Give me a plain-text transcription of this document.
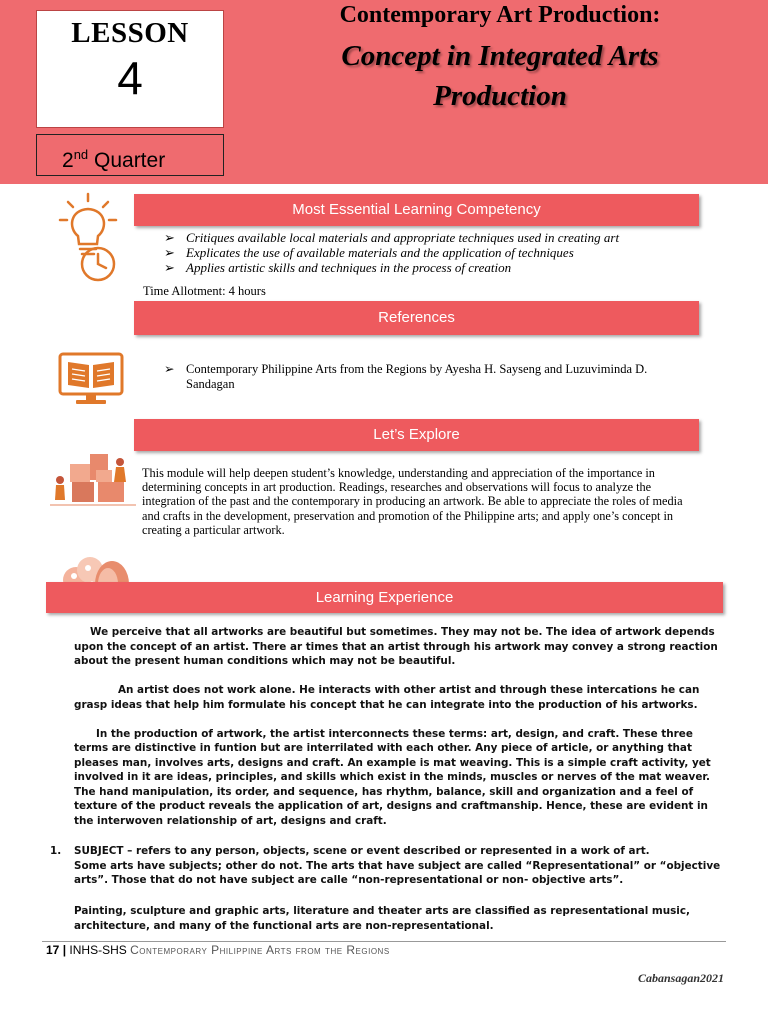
LESSON
4
2nd Quarter
Contemporary Art Production:
Concept in Integrated Arts
Production
Most Essential Learning Competency
➢ Critiques available local materials and appropriate techniques used in creating art
➢ Explicates the use of available materials and the application of techniques
➢ Applies artistic skills and techniques in the process of creation
Time Allotment: 4 hours
References
➢ Contemporary Philippine Arts from the Regions by Ayesha H. Sayseng and Luzuviminda D. Sandagan
Let’s Explore
This module will help deepen student’s knowledge, understanding and appreciation of the importance in determining concepts in art production. Readings, researches and observations will focus to analyze the integration of the past and the contemporary in producing an artwork. Be able to appreciate the roles of media and crafts in the development, preservation and promotion of the Philippine arts; and apply one’s concept in creating a particular artwork.
Learning Experience

We perceive that all artworks are beautiful but sometimes. They may not be. The idea of artwork depends upon the concept of an artist. There ar times that an artist through his artwork may convey a strong reaction about the present human conditions which may not be beautiful.

An artist does not work alone. He interacts with other artist and through these intercations he can grasp ideas that help him formulate his concept that he can integrate into the production of his artworks.

In the production of artwork, the artist interconnects these terms: art, design, and craft. These three terms are distinctive in funtion but are interrilated with each other. Any piece of article, or anything that pleases man, involves arts, designs and craft. An example is mat weaving. This is a simple craft activity, yet involved in it are ideas, principles, and skills which exist in the minds, muscles or nerves of the mat weaver. The hand manipulation, its order, and sequence, has rhythm, balance, skill and organization and a feel of texture of the product reveals the application of art, designs and craftmanship. Hence, these are evident in the interwoven relationship of art, designs and craft.

1. SUBJECT – refers to any person, objects, scene or event described or represented in a work of art.
Some arts have subjects; other do not. The arts that have subject are called “Representational” or “objective arts”. Those that do not have subject are calle “non-representational or non- objective arts”.
Painting, sculpture and graphic arts, literature and theater arts are classified as representational music, architecture, and many of the functional arts are non-representational.
17 | INHS-SHS Contemporary Philippine Arts from the Regions
Cabansagan2021
